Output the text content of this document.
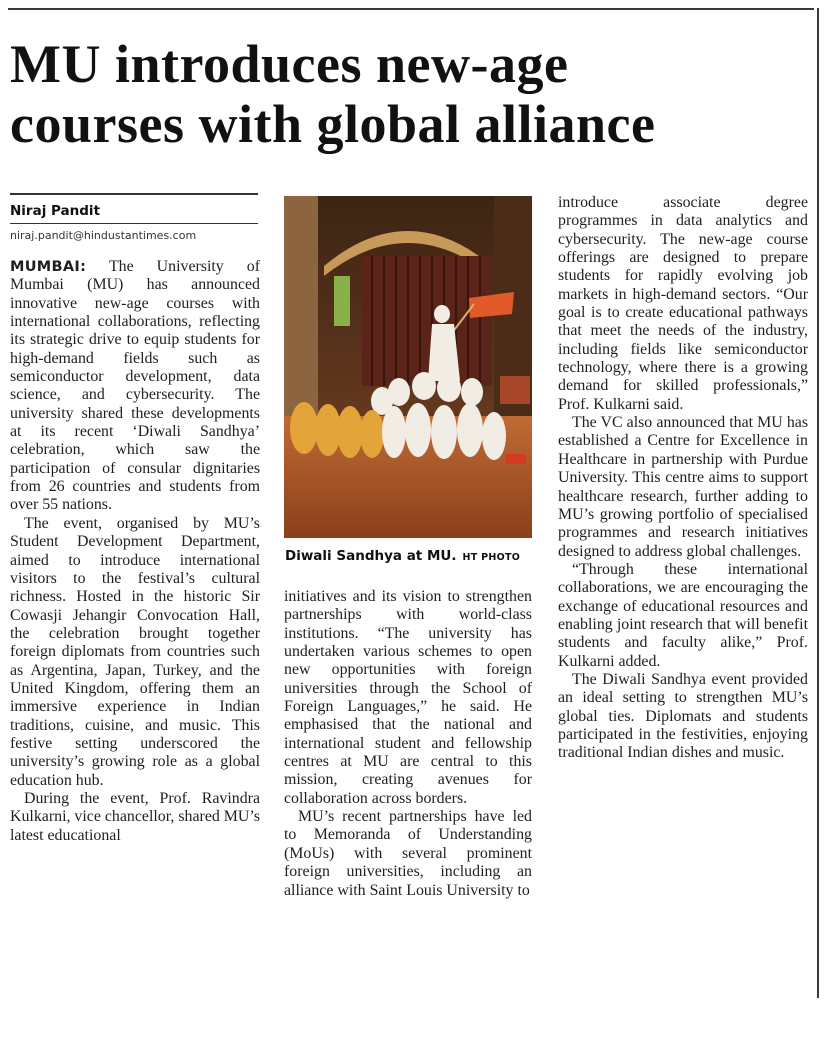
MU introduces new-age
courses with global alliance
Niraj Pandit
niraj.pandit@hindustantimes.com

MUMBAI: The University of Mumbai (MU) has announced innovative new-age courses with international collaborations, reflecting its strategic drive to equip students for high-demand fields such as semiconductor development, data science, and cybersecurity. The university shared these developments at its recent ‘Diwali Sandhya’ celebration, which saw the participation of consular dignitaries from 26 countries and students from over 55 nations.

The event, organised by MU’s Student Development Department, aimed to introduce international visitors to the festival’s cultural richness. Hosted in the historic Sir Cowasji Jehangir Convocation Hall, the celebration brought together foreign diplomats from countries such as Argentina, Japan, Turkey, and the United Kingdom, offering them an immersive experience in Indian traditions, cuisine, and music. This festive setting underscored the university’s growing role as a global education hub.

During the event, Prof. Ravindra Kulkarni, vice chancellor, shared MU’s latest educational

Diwali Sandhya at MU. HT PHOTO

initiatives and its vision to strengthen partnerships with world-class institutions. “The university has undertaken various schemes to open new opportunities with foreign universities through the School of Foreign Languages,” he said. He emphasised that the national and international student and fellowship centres at MU are central to this mission, creating avenues for collaboration across borders.

MU’s recent partnerships have led to Memoranda of Understanding (MoUs) with several prominent foreign universities, including an alliance with Saint Louis University to

introduce associate degree programmes in data analytics and cybersecurity. The new-age course offerings are designed to prepare students for rapidly evolving job markets in high-demand sectors. “Our goal is to create educational pathways that meet the needs of the industry, including fields like semiconductor technology, where there is a growing demand for skilled professionals,” Prof. Kulkarni said.

The VC also announced that MU has established a Centre for Excellence in Healthcare in partnership with Purdue University. This centre aims to support healthcare research, further adding to MU’s growing portfolio of specialised programmes and research initiatives designed to address global challenges.

“Through these international collaborations, we are encouraging the exchange of educational resources and enabling joint research that will benefit students and faculty alike,” Prof. Kulkarni added.

The Diwali Sandhya event provided an ideal setting to strengthen MU’s global ties. Diplomats and students participated in the festivities, enjoying traditional Indian dishes and music.
